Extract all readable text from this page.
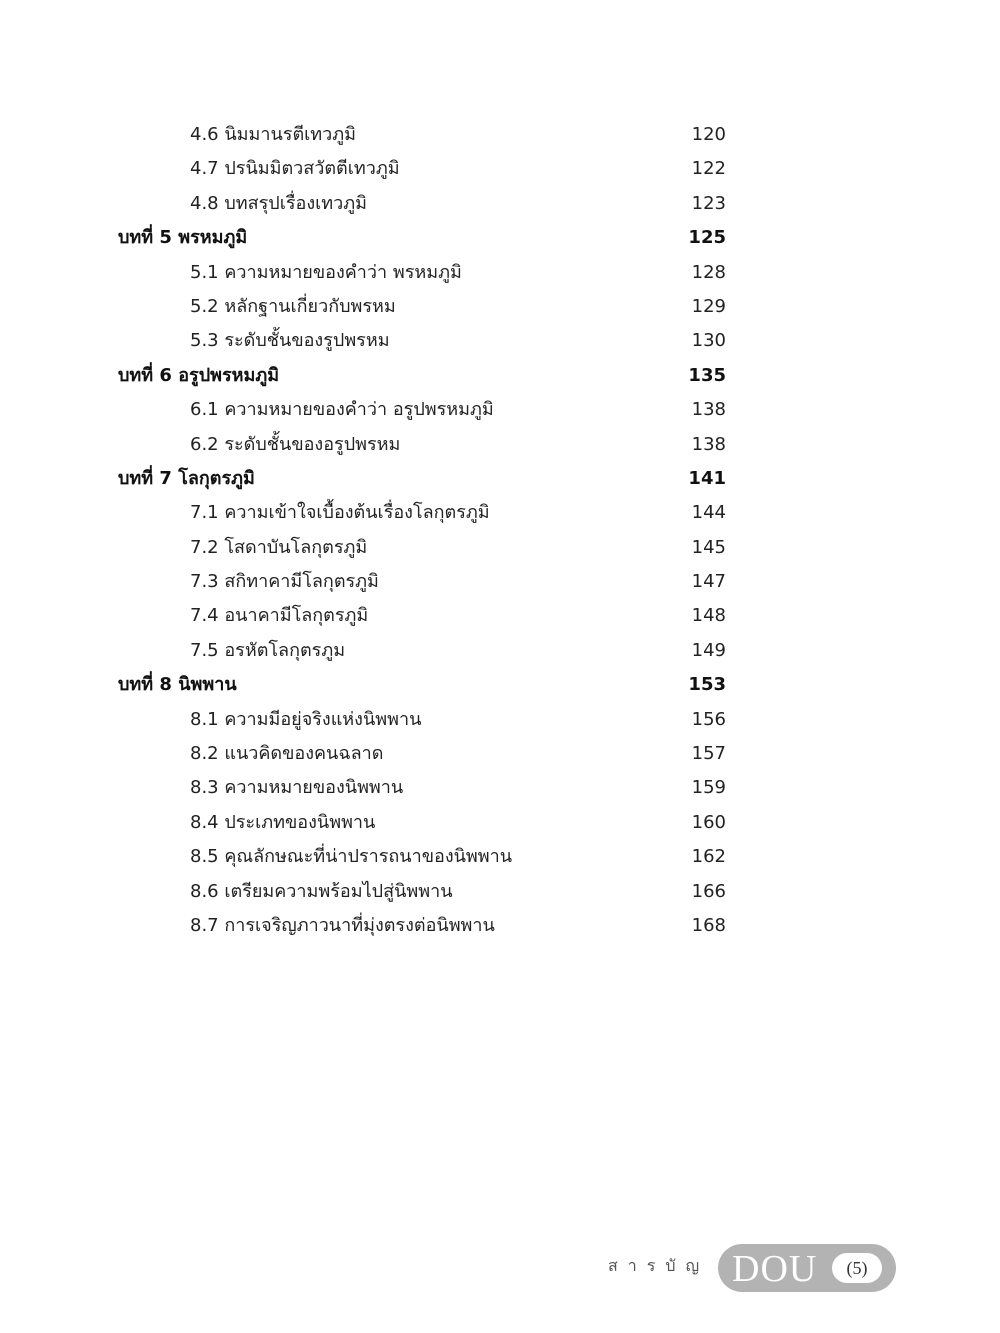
4.6 นิมมานรตีเทวภูมิ	120
4.7 ปรนิมมิตวสวัตตีเทวภูมิ	122
4.8 บทสรุปเรื่องเทวภูมิ	123
บทที่ 5 พรหมภูมิ	125
5.1 ความหมายของคำว่า พรหมภูมิ	128
5.2 หลักฐานเกี่ยวกับพรหม	129
5.3 ระดับชั้นของรูปพรหม	130
บทที่ 6 อรูปพรหมภูมิ	135
6.1 ความหมายของคำว่า อรูปพรหมภูมิ	138
6.2 ระดับชั้นของอรูปพรหม	138
บทที่ 7 โลกุตรภูมิ	141
7.1 ความเข้าใจเบื้องต้นเรื่องโลกุตรภูมิ	144
7.2 โสดาบันโลกุตรภูมิ	145
7.3 สกิทาคามีโลกุตรภูมิ	147
7.4 อนาคามีโลกุตรภูมิ	148
7.5 อรหัตโลกุตรภูม	149
บทที่ 8 นิพพาน	153
8.1 ความมีอยู่จริงแห่งนิพพาน	156
8.2 แนวคิดของคนฉลาด	157
8.3 ความหมายของนิพพาน	159
8.4 ประเภทของนิพพาน	160
8.5 คุณลักษณะที่น่าปรารถนาของนิพพาน	162
8.6 เตรียมความพร้อมไปสู่นิพพาน	166
8.7 การเจริญภาวนาที่มุ่งตรงต่อนิพพาน	168
สารบัญ DOU	(5)
